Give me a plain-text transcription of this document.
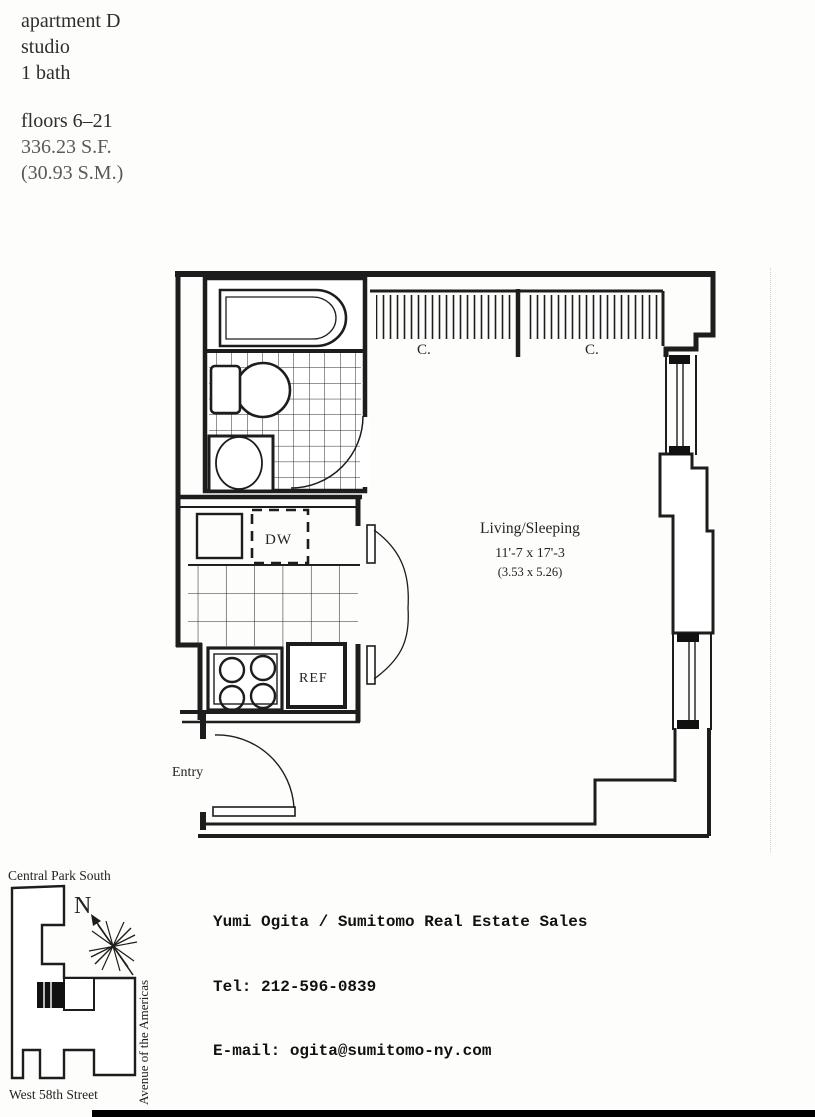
apartment D
studio
1 bath
floors 6–21
336.23 S.F.
(30.93 S.M.)
C.	C.
DW
REF
Entry
Living/Sleeping
11'-7 x 17'-3
(3.53 x 5.26)
Central Park South
N
Avenue of the Americas
West 58th Street

Yumi Ogita / Sumitomo Real Estate Sales

Tel: 212-596-0839

E-mail: ogita@sumitomo-ny.com
